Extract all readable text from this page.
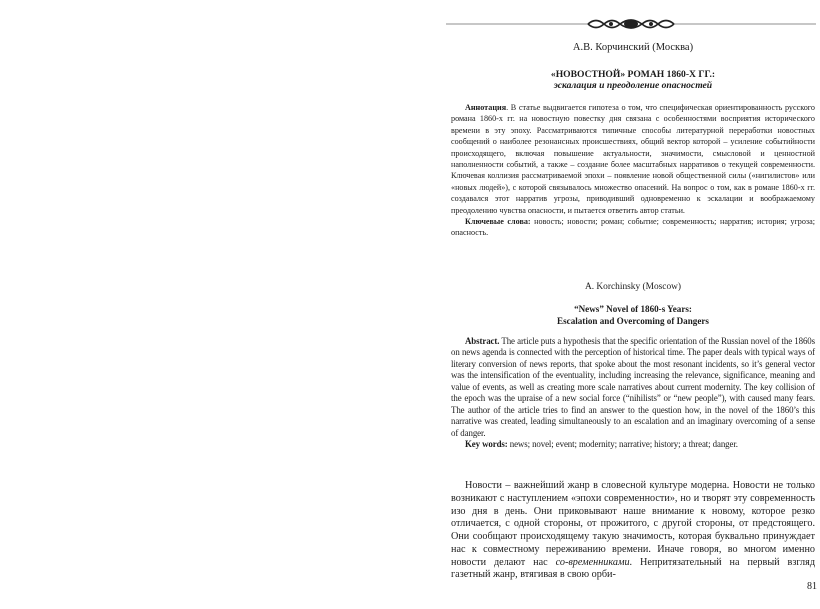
А.В. Корчинский (Москва)
«НОВОСТНОЙ» РОМАН 1860-Х ГГ.:
эскалация и преодоление опасностей

Аннотация. В статье выдвигается гипотеза о том, что специфическая ориентированность русского романа 1860-х гг. на новостную повестку дня связана с особенностями восприятия исторического времени в эту эпоху. Рассматриваются типичные способы литературной переработки новостных сообщений о наиболее резонансных происшествиях, общий вектор которой – усиление событийности происходящего, включая повышение актуальности, значимости, смысловой и ценностной наполненности событий, а также – создание более масштабных нарративов о текущей современности. Ключевая коллизия рассматриваемой эпохи – появление новой общественной силы («нигилистов» или «новых людей»), с которой связывалось множество опасений. На вопрос о том, как в романе 1860-х гг. создавался этот нарратив угрозы, приводивший одновременно к эскалации и воображаемому преодолению чувства опасности, и пытается ответить автор статьи.

Ключевые слова: новость; новости; роман; событие; современность; нарратив; история; угроза; опасность.

A. Korchinsky (Moscow)
“News” Novel of 1860-s Years:
Escalation and Overcoming of Dangers

Abstract. The article puts a hypothesis that the specific orientation of the Russian novel of the 1860s on news agenda is connected with the perception of historical time. The paper deals with typical ways of literary conversion of news reports, that spoke about the most resonant incidents, so it’s general vector was the intensification of the eventuality, including increasing the relevance, significance, meaning and value of events, as well as creating more scale narratives about current modernity. The key collision of the epoch was the upraise of a new social force (“nihilists” or “new people”), with caused many fears. The author of the article tries to find an answer to the question how, in the novel of the 1860’s this narrative was created, leading simultaneously to an escalation and an imaginary overcoming of a sense of danger.

Key words: news; novel; event; modernity; narrative; history; a threat; danger.

Новости – важнейший жанр в словесной культуре модерна. Новости не только возникают с наступлением «эпохи современности», но и творят эту современность изо дня в день. Они приковывают наше внимание к новому, которое резко отличается, с одной стороны, от прожитого, с другой стороны, от предстоящего. Они сообщают происходящему такую значимость, которая буквально принуждает нас к совместному переживанию времени. Иначе говоря, во многом именно новости делают нас со-временниками. Непритязательный на первый взгляд газетный жанр, втягивая в свою орби-

81
